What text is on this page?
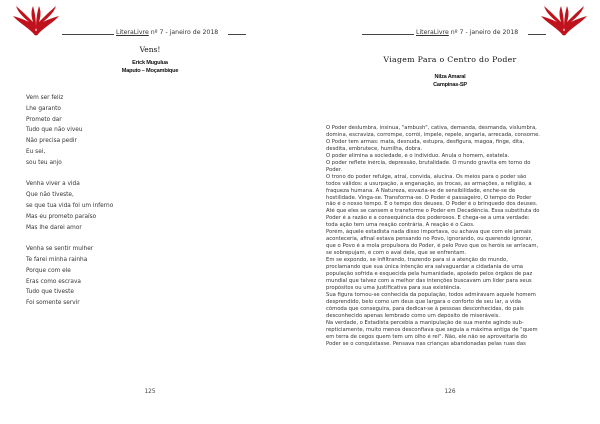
LiteraLivre nº 7 - janeiro de 2018
Vens!
Erick Mugulua
Maputo – Moçambique
Vem ser feliz
Lhe garanto
Prometo dar
Tudo que não viveu
Não precisa pedir
Eu sei,
sou teu anjo
Venha viver a vida
Que não tiveste,
se que tua vida foi um inferno
Mas eu prometo paraíso
Mas lhe darei amor
Venha se sentir mulher
Te farei minha rainha
Porque com ele
Eras como escrava
Tudo que tiveste
Foi somente servir
125
LiteraLivre nº 7 - janeiro de 2018
Viagem Para o Centro do Poder
Nilza Amaral
Campinas-SP
O Poder deslumbra, insinua, "ambush", cativa, demanda, desmanda, vislumbra,
domina, escraviza, corrompe, corrói, impele, repele, angaria, arrecada, consome.
O Poder tem armas: mata, desnuda, estupra, desfigura, magoa, finge, dita,
desdita, embrutece, humilha, dobra.
O poder elimina a sociedade, e o indivíduo. Anula o homem, estatela.
O poder reflete inércia, depressão, brutalidade. O mundo gravita em torno do
Poder.
O trono do poder refulge, atrai, convida, alucina. Os meios para o poder são
todos válidos: a usurpação, a enganação, as trocas, as armações, a religião, a
fraqueza humana. A Natureza, esvazia-se de sensibilidade, enche-se de
hostilidade. Vinga-se. Transforma-se. O Poder é passageiro, O tempo do Poder
não é o nosso tempo. É o tempo dos deuses. O Poder é o brinquedo dos deuses.
Até que eles se cansem e transforme o Poder em Decadência. Essa substituta do
Poder é a razão e a consequência dos poderosos. E chega-se a uma verdade:
toda ação tem uma reação contrária. A reação é o Caos.
Porém, àquele estadista nada disso importava, ou achava que com ele jamais
aconteceria, afinal estava pensando no Povo, ignorando, ou querendo ignorar,
que o Povo é a mola propulsora do Poder, é pelo Povo que os heróis se arriscam,
se sobrepujam, é com o aval dele, que se enfrentam.
Em se expondo, se infiltrando, trazendo para si a atenção do mundo,
proclamando que sua única intenção era salvaguardar a cidadania de uma
população sofrida e esquecida pela humanidade, apoiado pelos órgãos de paz
mundial que talvez com a melhor das intenções buscavam um líder para seus
propósitos ou uma justificativa para sua existência.
Sua figura tornou-se conhecida da população, todos admiravam aquele homem
desprendido, belo como um deus que largara o conforto de seu lar, a vida
cômoda que conseguira, para dedicar-se à pessoas desconhecidas, do país
desconhecido apenas lembrado como um depósito de miseráveis.
Na verdade, o Estadista percebia a manipulação de sua mente agindo sub-
repticiamente, muito menos desconfiava que seguia a máxima antiga de "quem
em terra de cegos quem tem um olho é rei". Não, ele não se aproveitaria do
Poder se o conquistasse. Pensava nas crianças abandonadas pelas ruas das
126
